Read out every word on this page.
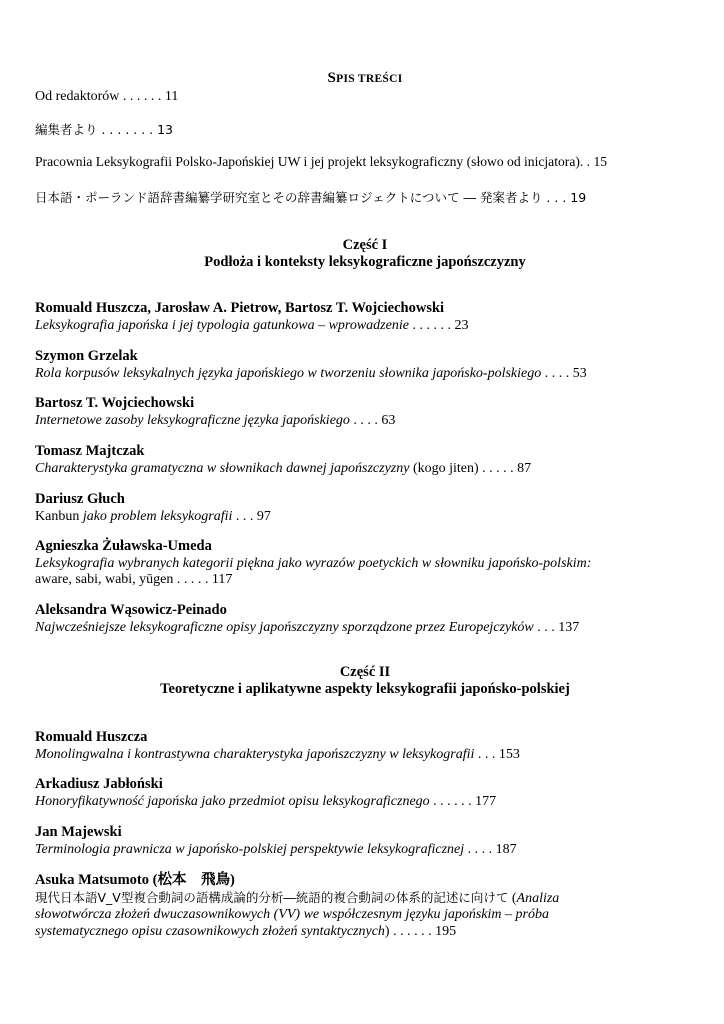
SPIS TREŚCI
Od redaktorów . . . . . . 11
編集者より . . . . . . . 13
Pracownia Leksykografii Polsko-Japońskiej UW i jej projekt leksykograficzny (słowo od inicjatora). . 15
日本語・ポーランド語辞書編纂学研究室とその辞書編纂ロジェクトについて ― 発案者より . . . 19
Część I
Podłoża i konteksty leksykograficzne japońszczyzny
Romuald Huszcza, Jarosław A. Pietrow, Bartosz T. Wojciechowski
Leksykografia japońska i jej typologia gatunkowa – wprowadzenie . . . . . . 23
Szymon Grzelak
Rola korpusów leksykalnych języka japońskiego w tworzeniu słownika japońsko-polskiego . . . . 53
Bartosz T. Wojciechowski
Internetowe zasoby leksykograficzne języka japońskiego . . . . 63
Tomasz Majtczak
Charakterystyka gramatyczna w słownikach dawnej japońszczyzny (kogo jiten) . . . . . 87
Dariusz Głuch
Kanbun jako problem leksykografii . . . 97
Agnieszka Żuławska-Umeda
Leksykografia wybranych kategorii piękna jako wyrazów poetyckich w słowniku japońsko-polskim:
aware, sabi, wabi, yūgen . . . . . 117
Aleksandra Wąsowicz-Peinado
Najwcześniejsze leksykograficzne opisy japońszczyzny sporządzone przez Europejczyków . . . 137
Część II
Teoretyczne i aplikatywne aspekty leksykografii japońsko-polskiej
Romuald Huszcza
Monolingwalna i kontrastywna charakterystyka japońszczyzny w leksykografii . . . 153
Arkadiusz Jabłoński
Honoryfikatywność japońska jako przedmiot opisu leksykograficznego . . . . . . 177
Jan Majewski
Terminologia prawnicza w japońsko-polskiej perspektywie leksykograficznej . . . . 187
Asuka Matsumoto (松本　飛鳥)
現代日本語V_V型複合動詞の語構成論的分析―統語的複合動詞の体系的記述に向けて (Analiza
słowotwórcza złożeń dwuczasownikowych (VV) we współczesnym języku japońskim – próba
systematycznego opisu czasownikowych złożeń syntaktycznych) . . . . . . 195
